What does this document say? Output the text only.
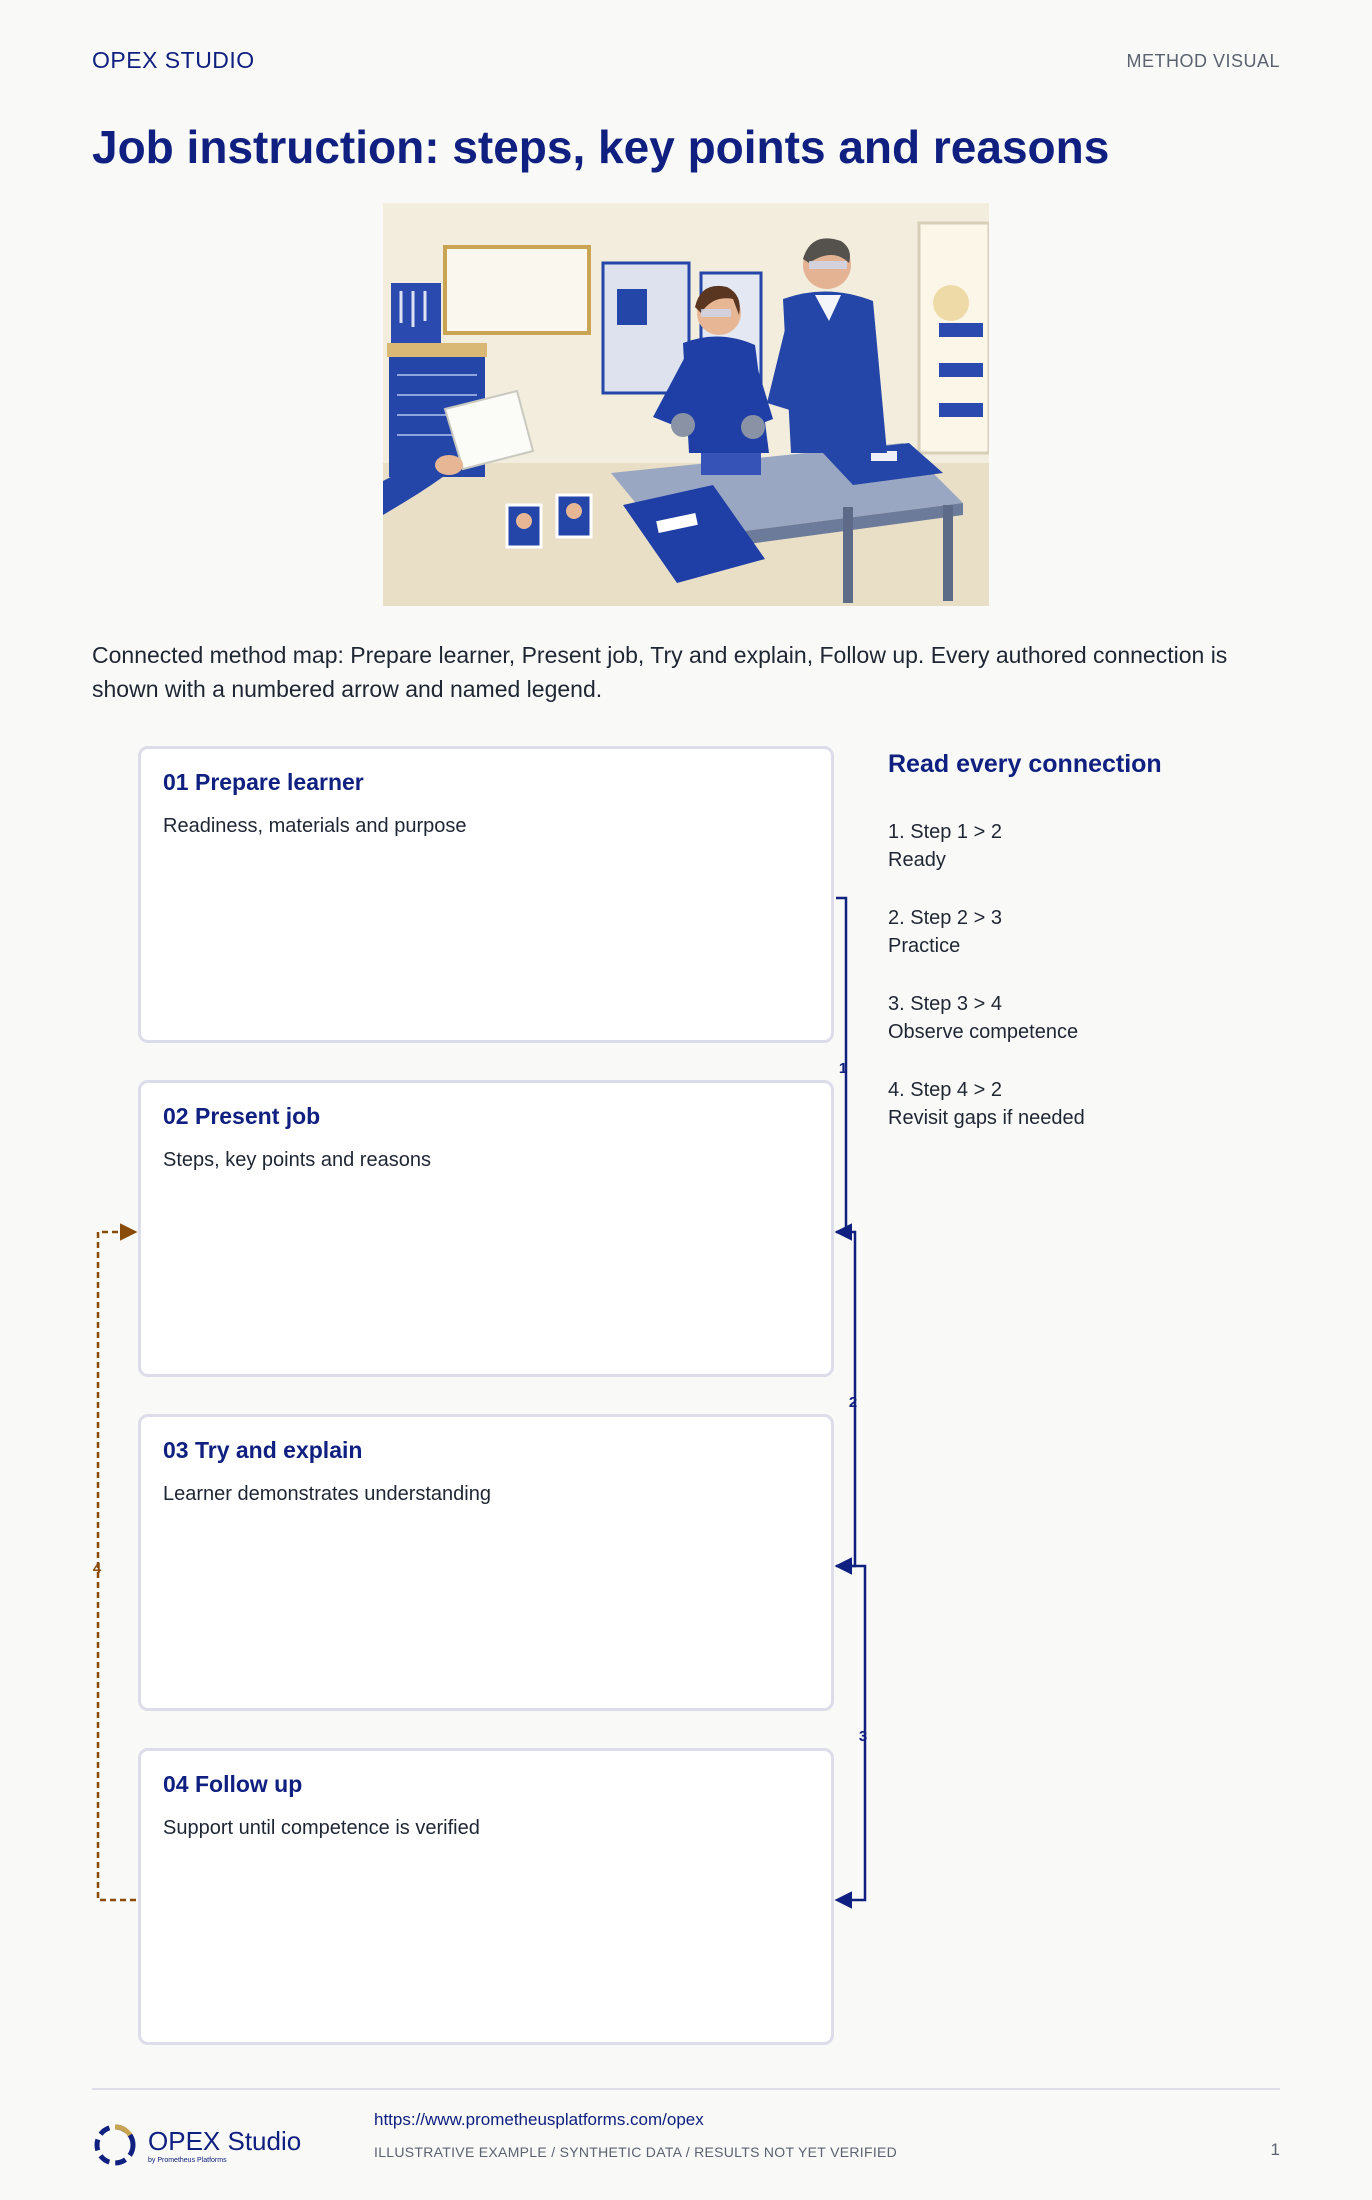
OPEX STUDIO	METHOD VISUAL
Job instruction: steps, key points and reasons

Connected method map: Prepare learner, Present job, Try and explain, Follow up. Every authored connection is shown with a numbered arrow and named legend.

01 Prepare learner

Readiness, materials and purpose

02 Present job

Steps, key points and reasons

03 Try and explain

Learner demonstrates understanding

04 Follow up

Support until competence is verified

1
2
3
4
Read every connection
1. Step 1 > 2
Ready
2. Step 2 > 3
Practice
3. Step 3 > 4
Observe competence
4. Step 4 > 2
Revisit gaps if needed
OPEX Studio
by Prometheus Platforms
https://www.prometheusplatforms.com/opex
ILLUSTRATIVE EXAMPLE / SYNTHETIC DATA / RESULTS NOT YET VERIFIED	1
